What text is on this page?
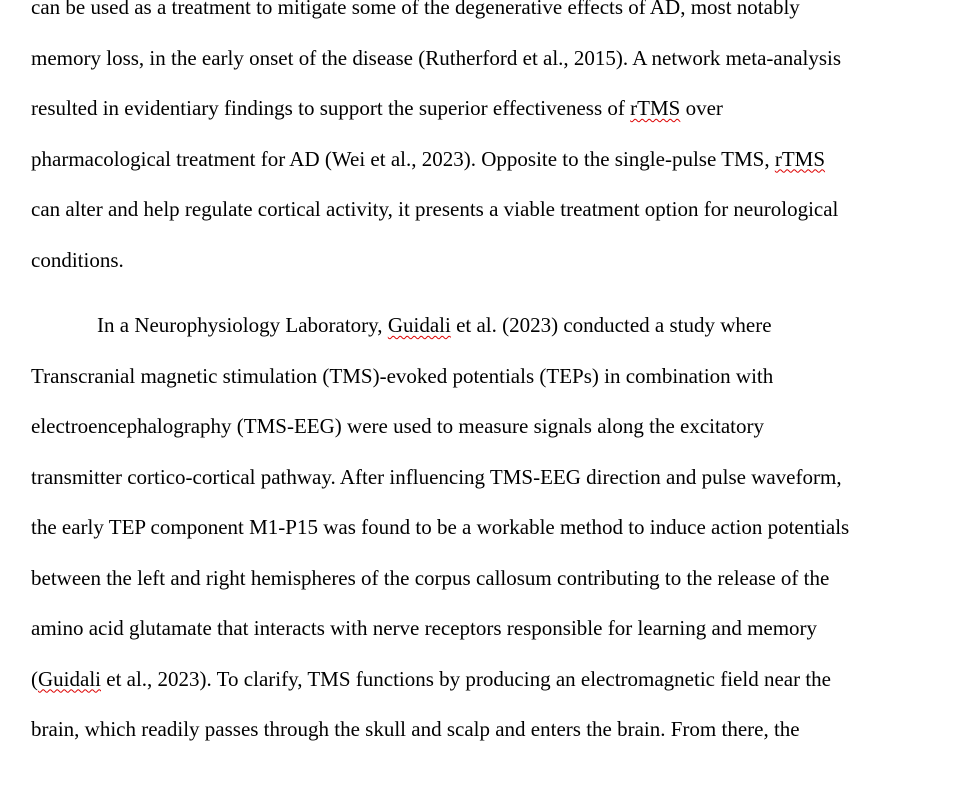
can be used as a treatment to mitigate some of the degenerative effects of AD, most notably
memory loss, in the early onset of the disease (Rutherford et al., 2015). A network meta-analysis
resulted in evidentiary findings to support the superior effectiveness of rTMS over
pharmacological treatment for AD (Wei et al., 2023). Opposite to the single-pulse TMS, rTMS
can alter and help regulate cortical activity, it presents a viable treatment option for neurological
conditions.
In a Neurophysiology Laboratory, Guidali et al. (2023) conducted a study where
Transcranial magnetic stimulation (TMS)-evoked potentials (TEPs) in combination with
electroencephalography (TMS-EEG) were used to measure signals along the excitatory
transmitter cortico-cortical pathway. After influencing TMS-EEG direction and pulse waveform,
the early TEP component M1-P15 was found to be a workable method to induce action potentials
between the left and right hemispheres of the corpus callosum contributing to the release of the
amino acid glutamate that interacts with nerve receptors responsible for learning and memory
(Guidali et al., 2023). To clarify, TMS functions by producing an electromagnetic field near the
brain, which readily passes through the skull and scalp and enters the brain. From there, the
